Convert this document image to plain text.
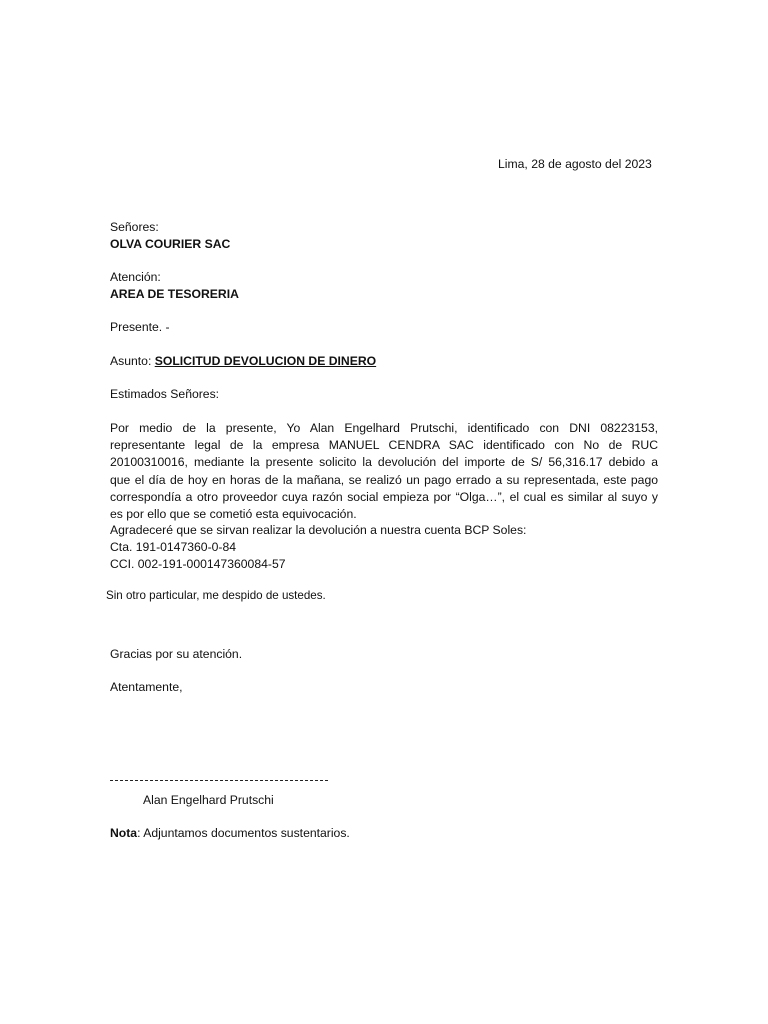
Lima, 28 de agosto del 2023
Señores:
OLVA COURIER SAC
Atención:
AREA DE TESORERIA
Presente. -
Asunto: SOLICITUD DEVOLUCION DE DINERO
Estimados Señores:
Por medio de la presente, Yo Alan Engelhard Prutschi, identificado con DNI 08223153,
representante legal de la empresa MANUEL CENDRA SAC identificado con No de RUC
20100310016, mediante la presente solicito la devolución del importe de S/ 56,316.17 debido a
que el día de hoy en horas de la mañana, se realizó un pago errado a su representada, este pago
correspondía a otro proveedor cuya razón social empieza por “Olga…”, el cual es similar al suyo y
es por ello que se cometió esta equivocación.
Agradeceré que se sirvan realizar la devolución a nuestra cuenta BCP Soles:
Cta. 191-0147360-0-84
CCI. 002-191-000147360084-57
Sin otro particular, me despido de ustedes.
Gracias por su atención.
Atentamente,
Alan Engelhard Prutschi
Nota: Adjuntamos documentos sustentarios.
